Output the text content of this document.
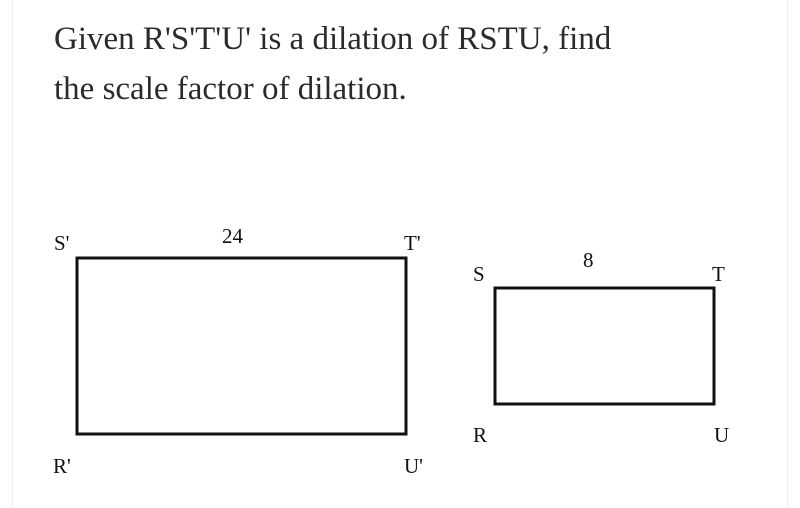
Given R'S'T'U' is a dilation of RSTU, find
the scale factor of dilation.
24
S'	T'
R'	U'
8
S	T
R	U
